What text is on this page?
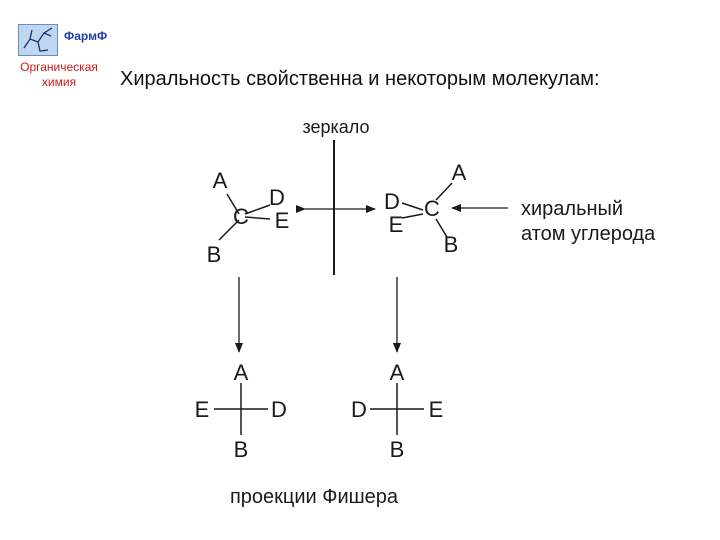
ФармФ
Органическая
химия	Хиральность свойственна и некоторым молекулам:
зеркало
A
B
C
D
E
A
B
C
D
E
хиральный
атом углерода
A
B
E	D
A
B
D	E
проекции Фишера
